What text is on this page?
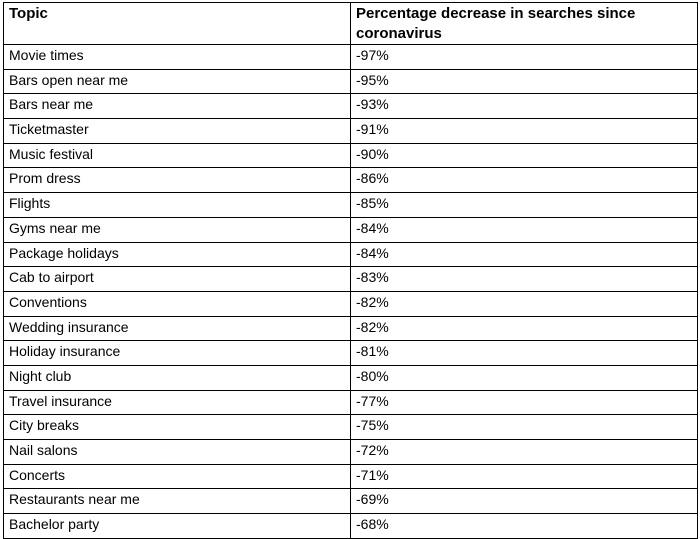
Topic	Percentage decrease in searches since coronavirus
Movie times	-97%
Bars open near me	-95%
Bars near me	-93%
Ticketmaster	-91%
Music festival	-90%
Prom dress	-86%
Flights	-85%
Gyms near me	-84%
Package holidays	-84%
Cab to airport	-83%
Conventions	-82%
Wedding insurance	-82%
Holiday insurance	-81%
Night club	-80%
Travel insurance	-77%
City breaks	-75%
Nail salons	-72%
Concerts	-71%
Restaurants near me	-69%
Bachelor party	-68%
